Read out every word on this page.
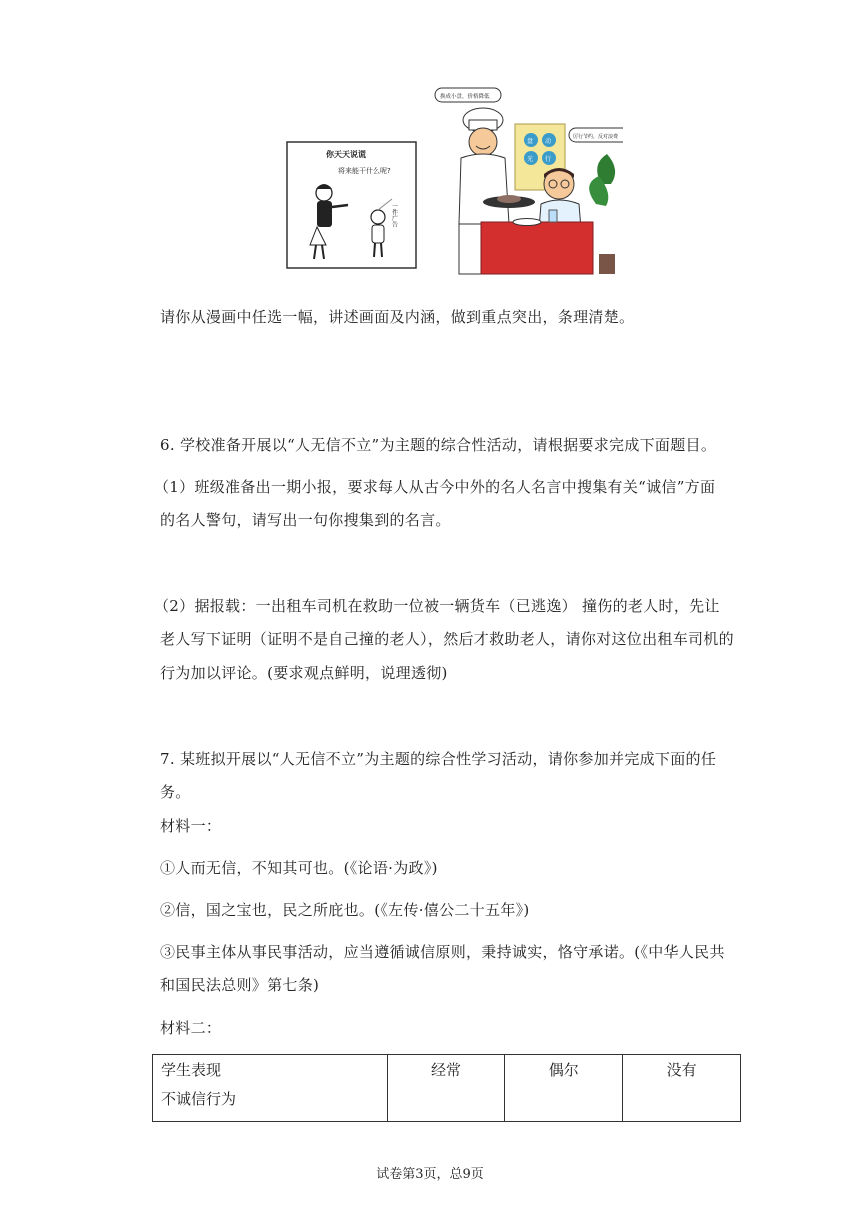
你天天说谎
将来能干什么呢?
一件广告
换成小盘，价格降低
厉行节约，反对浪费
盘 动
光 行
请你从漫画中任选一幅，讲述画面及内涵，做到重点突出，条理清楚。
6. 学校准备开展以“人无信不立”为主题的综合性活动，请根据要求完成下面题目。
（1）班级准备出一期小报，要求每人从古今中外的名人名言中搜集有关“诚信”方面
的名人警句，请写出一句你搜集到的名言。
（2）据报载：一出租车司机在救助一位被一辆货车（已逃逸） 撞伤的老人时，先让
老人写下证明（证明不是自己撞的老人），然后才救助老人，请你对这位出租车司机的
行为加以评论。(要求观点鲜明，说理透彻)
7. 某班拟开展以“人无信不立”为主题的综合性学习活动，请你参加并完成下面的任
务。
材料一：
①人而无信，不知其可也。(《论语·为政》)
②信，国之宝也，民之所庇也。(《左传·僖公二十五年》)
③民事主体从事民事活动，应当遵循诚信原则，秉持诚实，恪守承诺。(《中华人民共
和国民法总则》第七条)
材料二：
学生表现
不诚信行为
	经常	偶尔	没有
试卷第3页，总9页
